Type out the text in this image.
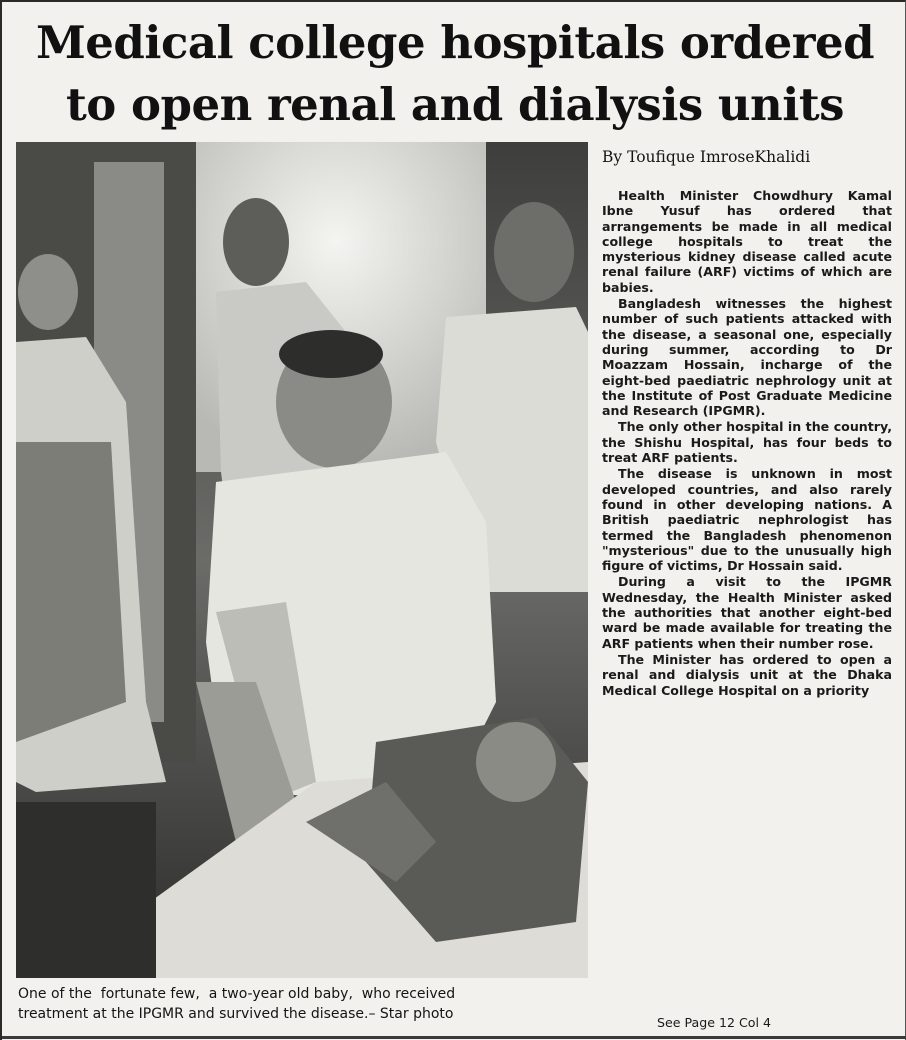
Medical college hospitals ordered
to open renal and dialysis units
One of the  fortunate few,  a two-year old baby,  who received
treatment at the IPGMR and survived the disease.– Star photo
By Toufique ImroseKhalidi

Health Minister Chowdhury Kamal Ibne Yusuf has ordered that arrangements be made in all medical college hospitals to treat the mysterious kidney disease called acute renal failure (ARF) victims of which are babies.

Bangladesh witnesses the highest number of such patients attacked with the disease, a seasonal one, especially during summer, according to Dr Moazzam Hossain, incharge of the eight-bed paediatric nephrology unit at the Institute of Post Graduate Medicine and Research (IPGMR).

The only other hospital in the country, the Shishu Hospital, has four beds to treat ARF patients.

The disease is unknown in most developed countries, and also rarely found in other developing nations. A British paediatric nephrologist has termed the Bangladesh phenomenon "mysterious" due to the unusually high figure of victims, Dr Hossain said.

During a visit to the IPGMR Wednesday, the Health Minister asked the authorities that another eight-bed ward be made available for treating the ARF patients when their number rose.

The Minister has ordered to open a renal and dialysis unit at the Dhaka Medical College Hospital on a priority

See Page 12 Col 4
